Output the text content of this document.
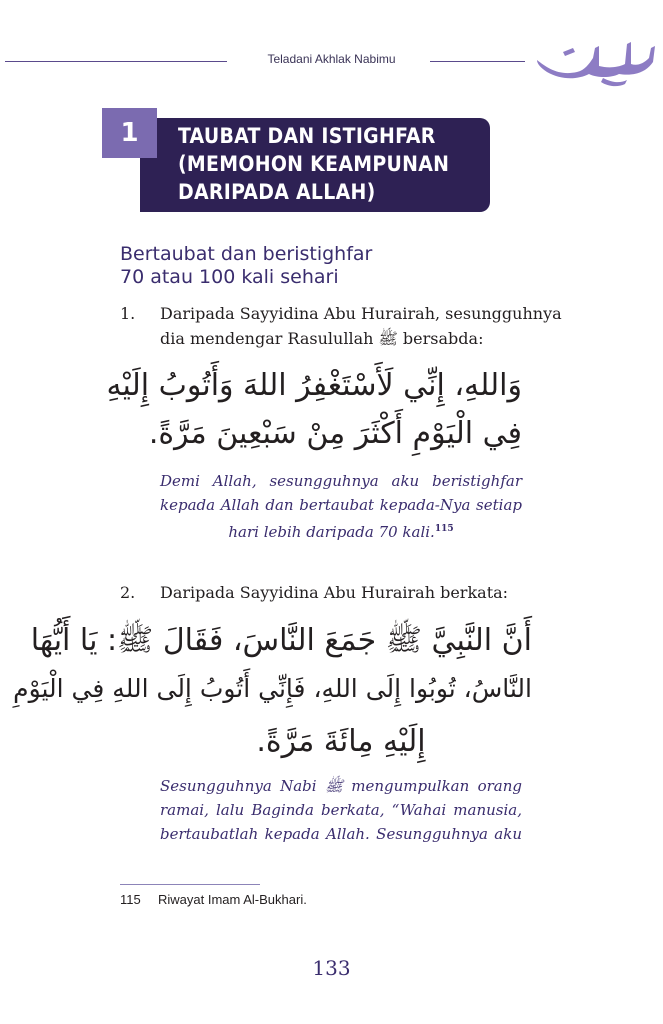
Teladani Akhlak Nabimu
1	TAUBAT DAN ISTIGHFAR
(MEMOHON KEAMPUNAN
DARIPADA ALLAH)
Bertaubat dan beristighfar
70 atau 100 kali sehari
1. Daripada Sayyidina Abu Hurairah, sesungguhnya
dia mendengar Rasulullah ﷺ bersabda:
وَاللهِ، إِنِّي لَأَسْتَغْفِرُ اللهَ وَأَتُوبُ إِلَيْهِ
فِي الْيَوْمِ أَكْثَرَ مِنْ سَبْعِينَ مَرَّةً.
Demi Allah, sesungguhnya aku beristighfar
kepada Allah dan bertaubat kepada-Nya setiap
hari lebih daripada 70 kali.$^{115}$
2. Daripada Sayyidina Abu Hurairah berkata:
أَنَّ النَّبِيَّ ﷺ جَمَعَ النَّاسَ، فَقَالَ ﷺ: يَا أَيُّهَا
النَّاسُ، تُوبُوا إِلَى اللهِ، فَإِنِّي أَتُوبُ إِلَى اللهِ فِي الْيَوْمِ
إِلَيْهِ مِائَةَ مَرَّةً.
Sesungguhnya Nabi ﷺ mengumpulkan orang
ramai, lalu Baginda berkata, “Wahai manusia,
bertaubatlah kepada Allah. Sesungguhnya aku
115 Riwayat Imam Al-Bukhari.
133
